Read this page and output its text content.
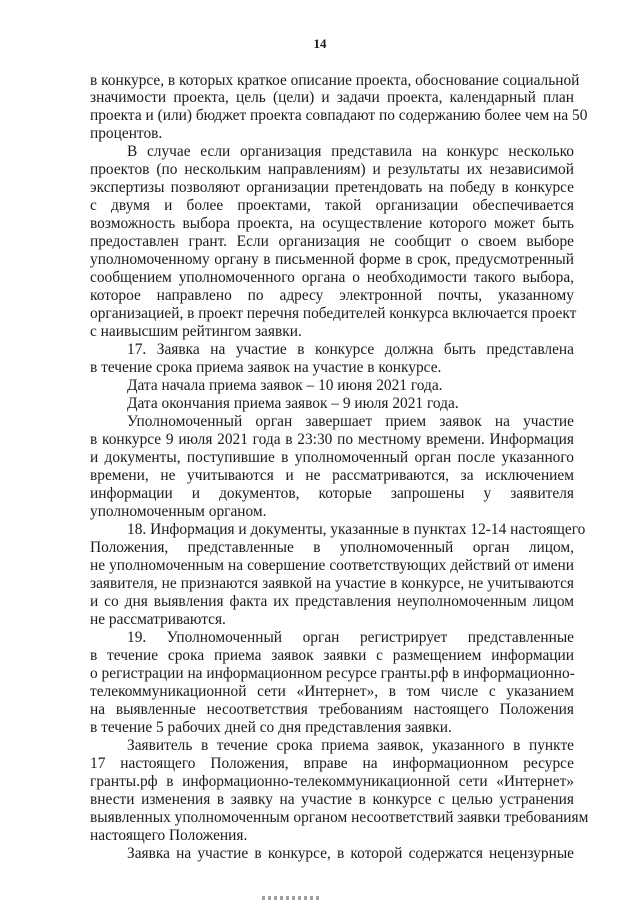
14
в конкурсе, в которых краткое описание проекта, обоснование социальной
значимости проекта, цель (цели) и задачи проекта, календарный план
проекта и (или) бюджет проекта совпадают по содержанию более чем на 50
процентов.
В случае если организация представила на конкурс несколько
проектов (по нескольким направлениям) и результаты их независимой
экспертизы позволяют организации претендовать на победу в конкурсе
с двумя и более проектами, такой организации обеспечивается
возможность выбора проекта, на осуществление которого может быть
предоставлен грант. Если организация не сообщит о своем выборе
уполномоченному органу в письменной форме в срок, предусмотренный
сообщением уполномоченного органа о необходимости такого выбора,
которое направлено по адресу электронной почты, указанному
организацией, в проект перечня победителей конкурса включается проект
с наивысшим рейтингом заявки.
17. Заявка на участие в конкурсе должна быть представлена
в течение срока приема заявок на участие в конкурсе.
Дата начала приема заявок – 10 июня 2021 года.
Дата окончания приема заявок – 9 июля 2021 года.
Уполномоченный орган завершает прием заявок на участие
в конкурсе 9 июля 2021 года в 23:30 по местному времени. Информация
и документы, поступившие в уполномоченный орган после указанного
времени, не учитываются и не рассматриваются, за исключением
информации и документов, которые запрошены у заявителя
уполномоченным органом.
18. Информация и документы, указанные в пунктах 12-14 настоящего
Положения, представленные в уполномоченный орган лицом,
не уполномоченным на совершение соответствующих действий от имени
заявителя, не признаются заявкой на участие в конкурсе, не учитываются
и со дня выявления факта их представления неуполномоченным лицом
не рассматриваются.
19. Уполномоченный орган регистрирует представленные
в течение срока приема заявок заявки с размещением информации
о регистрации на информационном ресурсе гранты.рф в информационно-
телекоммуникационной сети «Интернет», в том числе с указанием
на выявленные несоответствия требованиям настоящего Положения
в течение 5 рабочих дней со дня представления заявки.
Заявитель в течение срока приема заявок, указанного в пункте
17 настоящего Положения, вправе на информационном ресурсе
гранты.рф в информационно-телекоммуникационной сети «Интернет»
внести изменения в заявку на участие в конкурсе с целью устранения
выявленных уполномоченным органом несоответствий заявки требованиям
настоящего Положения.
Заявка на участие в конкурсе, в которой содержатся нецензурные
